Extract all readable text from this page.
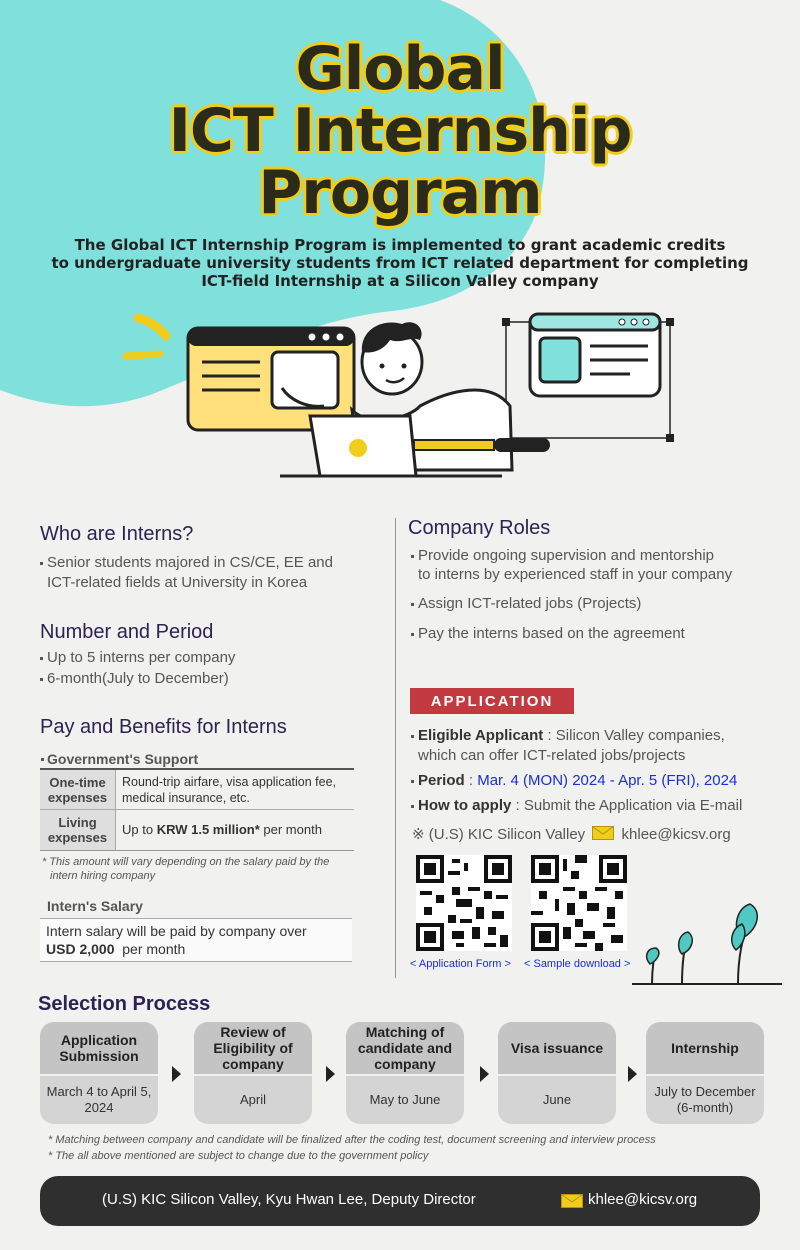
Global
ICT Internship
Program
The Global ICT Internship Program is implemented to grant academic credits
to undergraduate university students from ICT related department for completing
ICT-field Internship at a Silicon Valley company
Who are Interns?
Senior students majored in CS/CE, EE and
ICT-related fields at University in Korea
Number and Period
Up to 5 interns per company
6-month(July to December)
Pay and Benefits for Interns
Government's Support
One-time expenses
Round-trip airfare, visa application fee, medical insurance, etc.
Living expenses
Up to
KRW 1.5 million*
per month
* This amount will vary depending on the salary paid by the
intern hiring company
Intern's Salary
Intern salary will be paid by company over
USD 2,000  per month
Company Roles
Provide ongoing supervision and mentorship
to interns by experienced staff in your company
Assign ICT-related jobs (Projects)
Pay the interns based on the agreement
APPLICATION
Eligible Applicant : Silicon Valley companies,
which can offer ICT-related jobs/projects
Period : Mar. 4 (MON) 2024 - Apr. 5 (FRI), 2024
How to apply : Submit the Application via E-mail
※ (U.S) KIC Silicon Valley khlee@kicsv.org
< Application Form > < Sample download >
Selection Process
Application Submission
March 4 to April 5, 2024
Review of Eligibility of company
April
Matching of candidate and company
May to June
Visa issuance
June
Internship
July to December (6-month)
* Matching between company and candidate will be finalized after the coding test, document screening and interview process
* The all above mentioned are subject to change due to the government policy
(U.S) KIC Silicon Valley, Kyu Hwan Lee, Deputy Director	khlee@kicsv.org
